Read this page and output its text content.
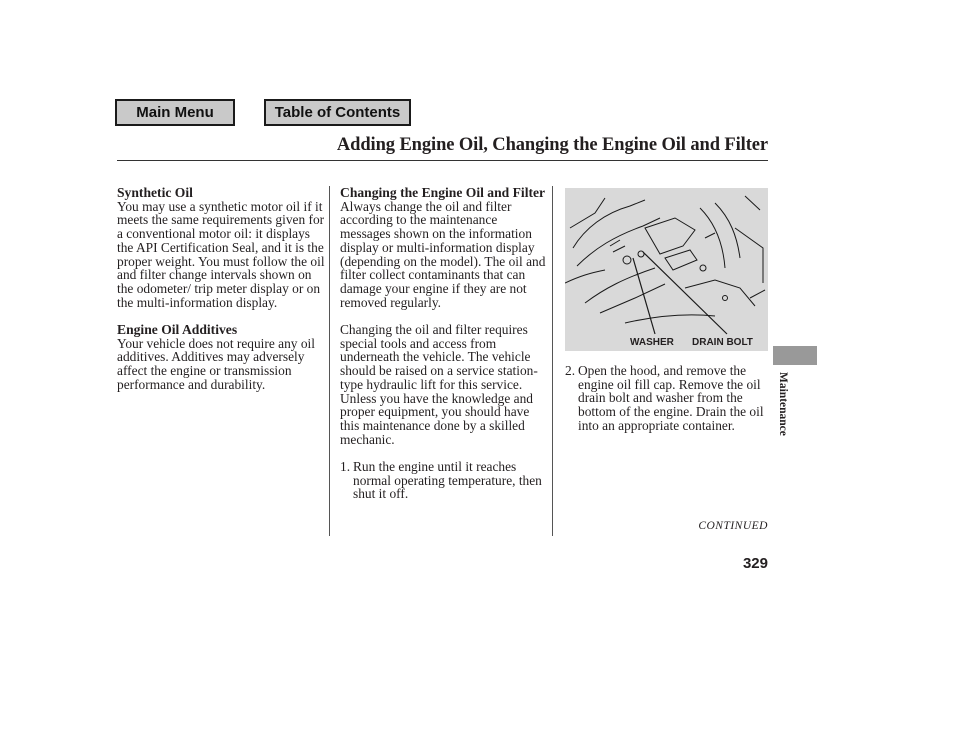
Main Menu	Table of Contents
Adding Engine Oil, Changing the Engine Oil and Filter
Synthetic Oil

You may use a synthetic motor oil if it meets the same requirements given for a conventional motor oil: it displays the API Certification Seal, and it is the proper weight. You must follow the oil and filter change intervals shown on the odometer/ trip meter display or on the multi-information display.

Engine Oil Additives

Your vehicle does not require any oil additives. Additives may adversely affect the engine or transmission performance and durability.

Changing the Engine Oil and Filter

Always change the oil and filter according to the maintenance messages shown on the information display or multi-information display (depending on the model). The oil and filter collect contaminants that can damage your engine if they are not removed regularly.

Changing the oil and filter requires special tools and access from underneath the vehicle. The vehicle should be raised on a service station-type hydraulic lift for this service. Unless you have the knowledge and proper equipment, you should have this maintenance done by a skilled mechanic.

1. Run the engine until it reaches normal operating temperature, then shut it off.
WASHER DRAIN BOLT
2. Open the hood, and remove the engine oil fill cap. Remove the oil drain bolt and washer from the bottom of the engine. Drain the oil into an appropriate container.
CONTINUED
329
Maintenance
